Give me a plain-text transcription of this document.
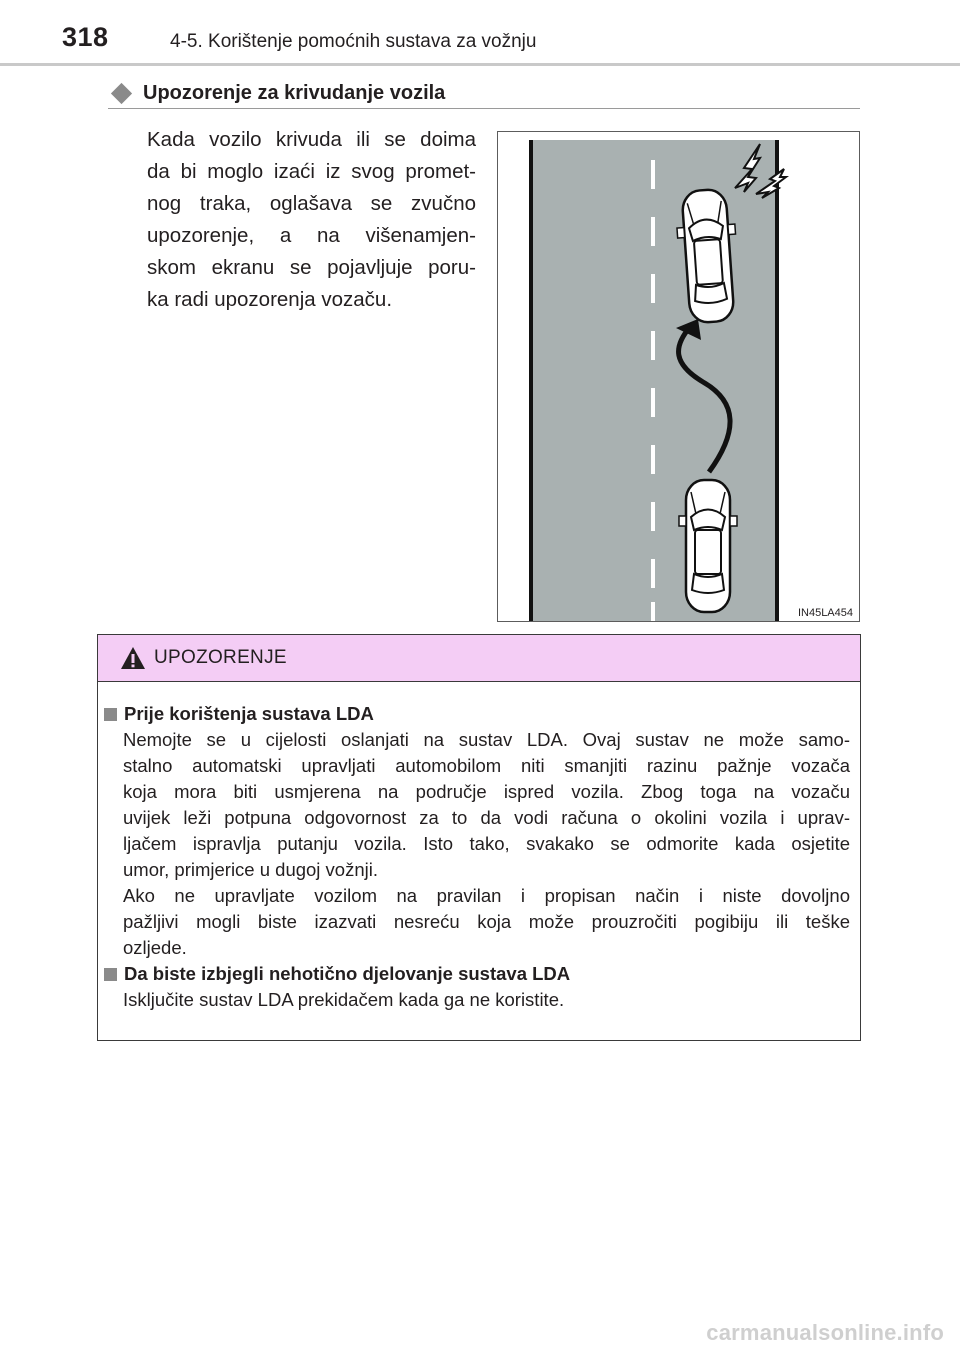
318	4-5. Korištenje pomoćnih sustava za vožnju
Upozorenje za krivudanje vozila
Kada vozilo krivuda ili se doima
da bi moglo izaći iz svog promet-
nog traka, oglašava se zvučno
upozorenje, a na višenamjen-
skom ekranu se pojavljuje poru-
ka radi upozorenja vozaču.
IN45LA454
UPOZORENJE
Prije korištenja sustava LDA

Nemojte se u cijelosti oslanjati na sustav LDA. Ovaj sustav ne može samo-

stalno automatski upravljati automobilom niti smanjiti razinu pažnje vozača

koja mora biti usmjerena na područje ispred vozila. Zbog toga na vozaču

uvijek leži potpuna odgovornost za to da vodi računa o okolini vozila i uprav-

ljačem ispravlja putanju vozila. Isto tako, svakako se odmorite kada osjetite

umor, primjerice u dugoj vožnji.

Ako ne upravljate vozilom na pravilan i propisan način i niste dovoljno

pažljivi mogli biste izazvati nesreću koja može prouzročiti pogibiju ili teške

ozljede.

Da biste izbjegli nehotično djelovanje sustava LDA

Isključite sustav LDA prekidačem kada ga ne koristite.

carmanualsonline.info
